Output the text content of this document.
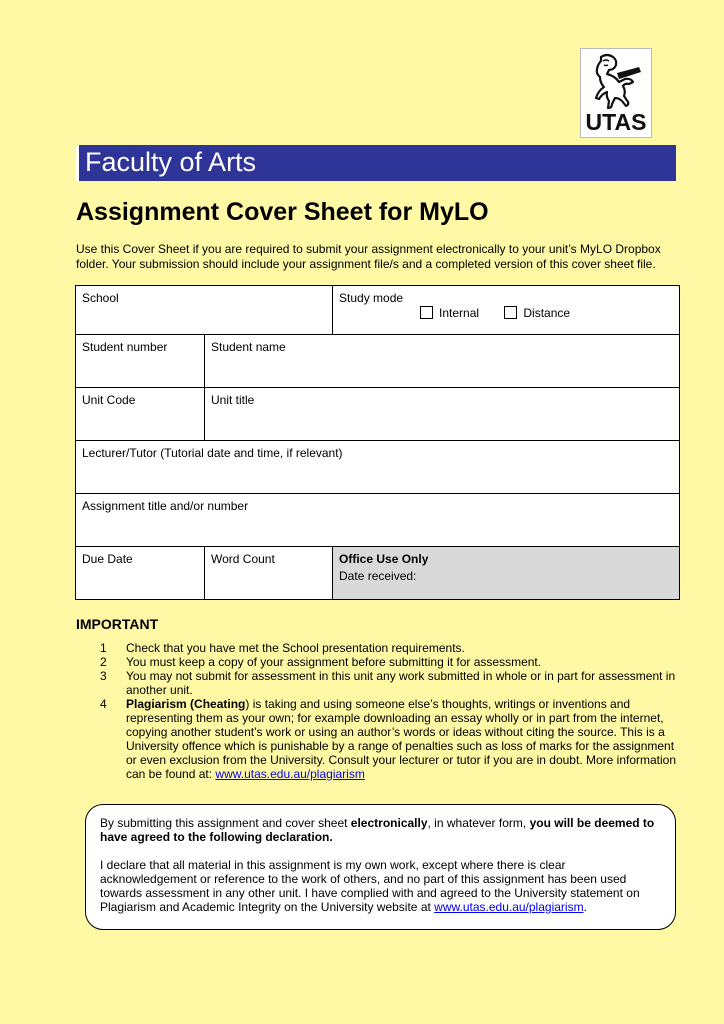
UTAS
Faculty of Arts
Assignment Cover Sheet for MyLO

Use this Cover Sheet if you are required to submit your assignment electronically to your unit’s MyLO Dropbox folder. Your submission should include your assignment file/s and a completed version of this cover sheet file.

School		Study mode
Internal Distance

Student number	Student name	
Unit Code	Unit title	
Lecturer/Tutor (Tutorial date and time, if relevant)		
Assignment title and/or number		
Due Date	Word Count	Office Use Only
Date received:
IMPORTANT
1	Check that you have met the School presentation requirements.
2	You must keep a copy of your assignment before submitting it for assessment.
3	You may not submit for assessment in this unit any work submitted in whole or in part for assessment in another unit.
4	Plagiarism (Cheating) is taking and using someone else’s thoughts, writings or inventions and representing them as your own; for example downloading an essay wholly or in part from the internet, copying another student’s work or using an author’s words or ideas without citing the source. This is a University offence which is punishable by a range of penalties such as loss of marks for the assignment or even exclusion from the University. Consult your lecturer or tutor if you are in doubt. More information can be found at: www.utas.edu.au/plagiarism

By submitting this assignment and cover sheet electronically, in whatever form, you will be deemed to have agreed to the following declaration.

I declare that all material in this assignment is my own work, except where there is clear acknowledgement or reference to the work of others, and no part of this assignment has been used towards assessment in any other unit. I have complied with and agreed to the University statement on Plagiarism and Academic Integrity on the University website at www.utas.edu.au/plagiarism.
